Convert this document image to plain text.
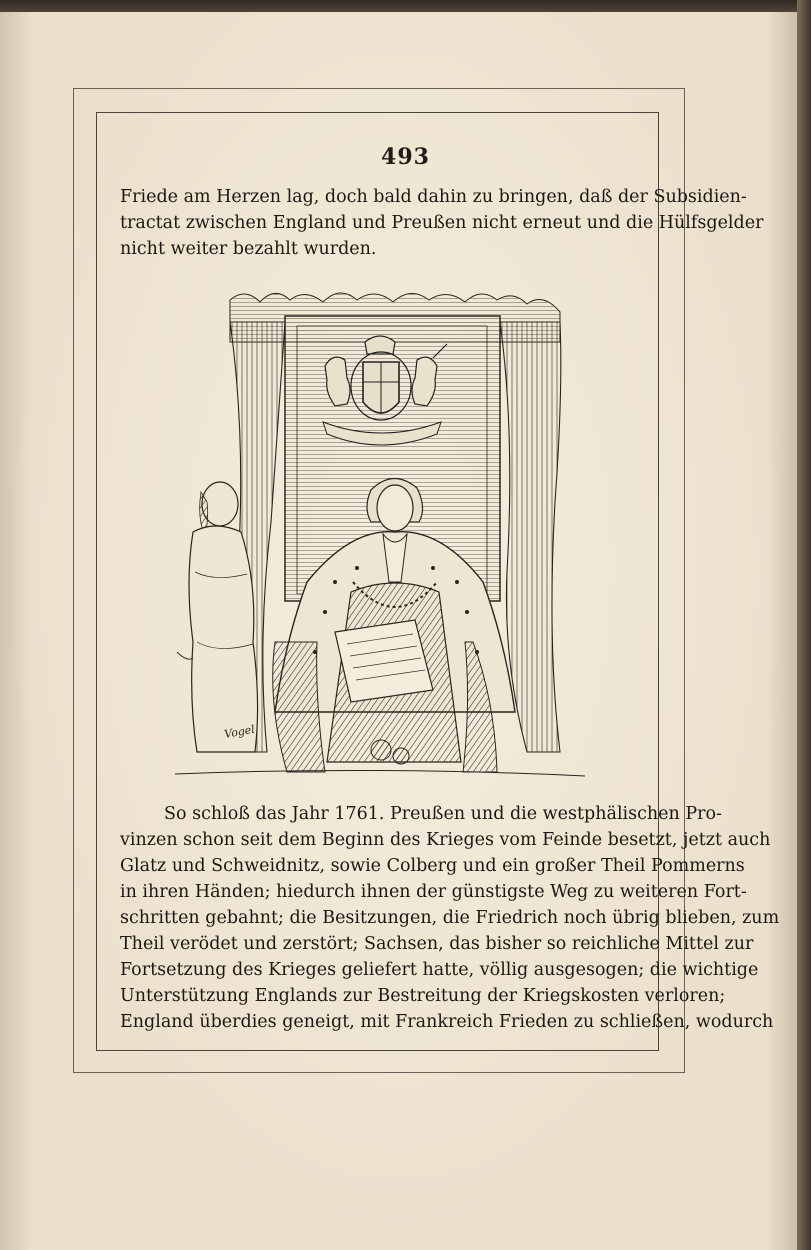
493
Friede am Herzen lag, doch bald dahin zu bringen, daß der Subsidien-
tractat zwischen England und Preußen nicht erneut und die Hülfsgelder
nicht weiter bezahlt wurden.
Vogel
So schloß das Jahr 1761. Preußen und die westphälischen Pro-
vinzen schon seit dem Beginn des Krieges vom Feinde besetzt, jetzt auch
Glatz und Schweidnitz, sowie Colberg und ein großer Theil Pommerns
in ihren Händen; hiedurch ihnen der günstigste Weg zu weiteren Fort-
schritten gebahnt; die Besitzungen, die Friedrich noch übrig blieben, zum
Theil verödet und zerstört; Sachsen, das bisher so reichliche Mittel zur
Fortsetzung des Krieges geliefert hatte, völlig ausgesogen; die wichtige
Unterstützung Englands zur Bestreitung der Kriegskosten verloren;
England überdies geneigt, mit Frankreich Frieden zu schließen, wodurch
